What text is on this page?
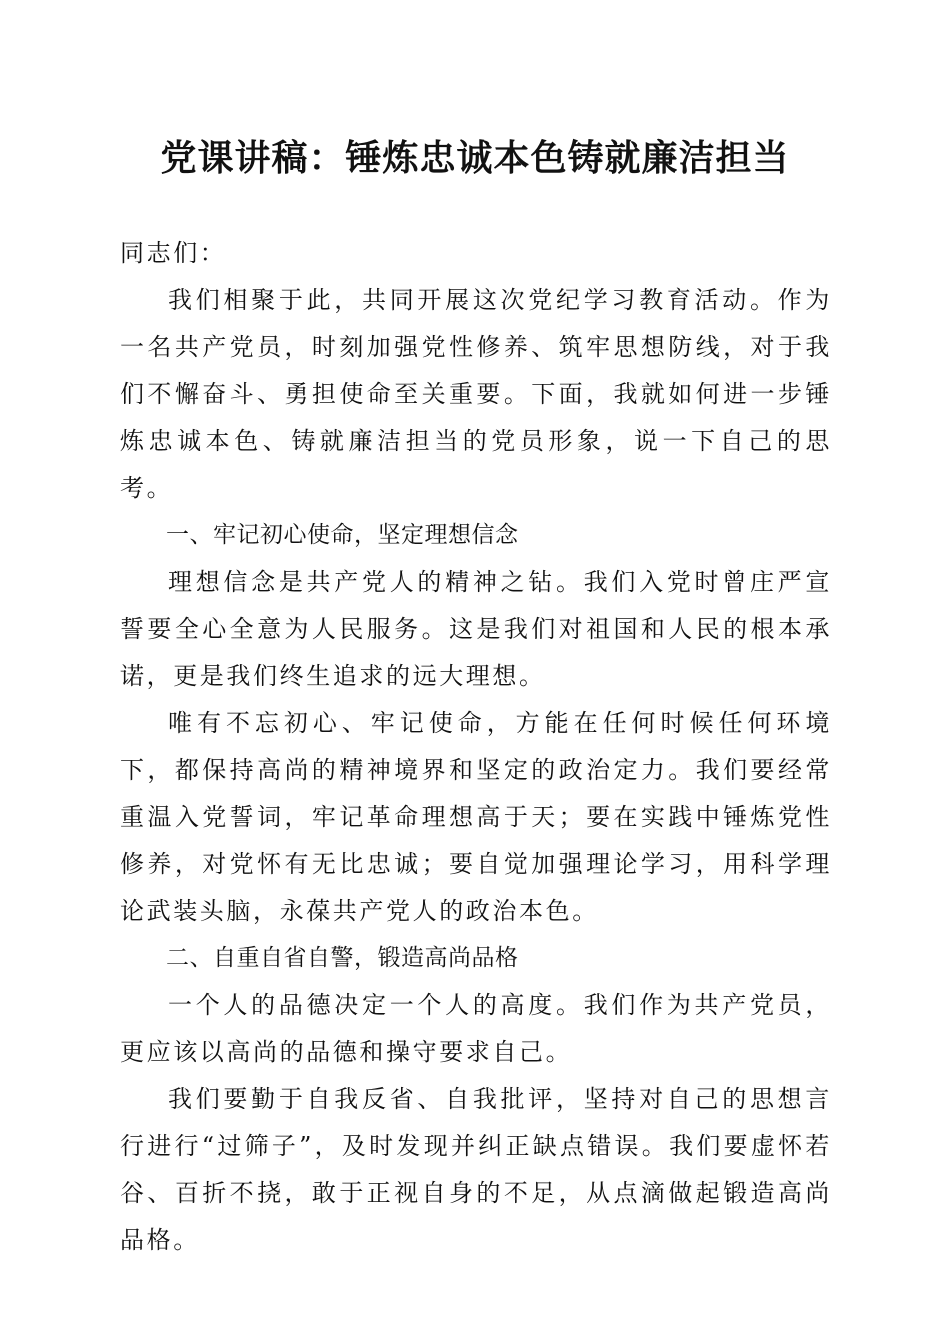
党课讲稿：锤炼忠诚本色铸就廉洁担当

同志们：

我们相聚于此，共同开展这次党纪学习教育活动。作为一名共产党员，时刻加强党性修养、筑牢思想防线，对于我们不懈奋斗、勇担使命至关重要。下面，我就如何进一步锤炼忠诚本色、铸就廉洁担当的党员形象，说一下自己的思考。

一、牢记初心使命，坚定理想信念

理想信念是共产党人的精神之钻。我们入党时曾庄严宣誓要全心全意为人民服务。这是我们对祖国和人民的根本承诺，更是我们终生追求的远大理想。

唯有不忘初心、牢记使命，方能在任何时候任何环境下，都保持高尚的精神境界和坚定的政治定力。我们要经常重温入党誓词，牢记革命理想高于天；要在实践中锤炼党性修养，对党怀有无比忠诚；要自觉加强理论学习，用科学理论武装头脑，永葆共产党人的政治本色。

二、自重自省自警，锻造高尚品格

一个人的品德决定一个人的高度。我们作为共产党员，更应该以高尚的品德和操守要求自己。

我们要勤于自我反省、自我批评，坚持对自己的思想言行进行“过筛子”，及时发现并纠正缺点错误。我们要虚怀若谷、百折不挠，敢于正视自身的不足，从点滴做起锻造高尚品格。
